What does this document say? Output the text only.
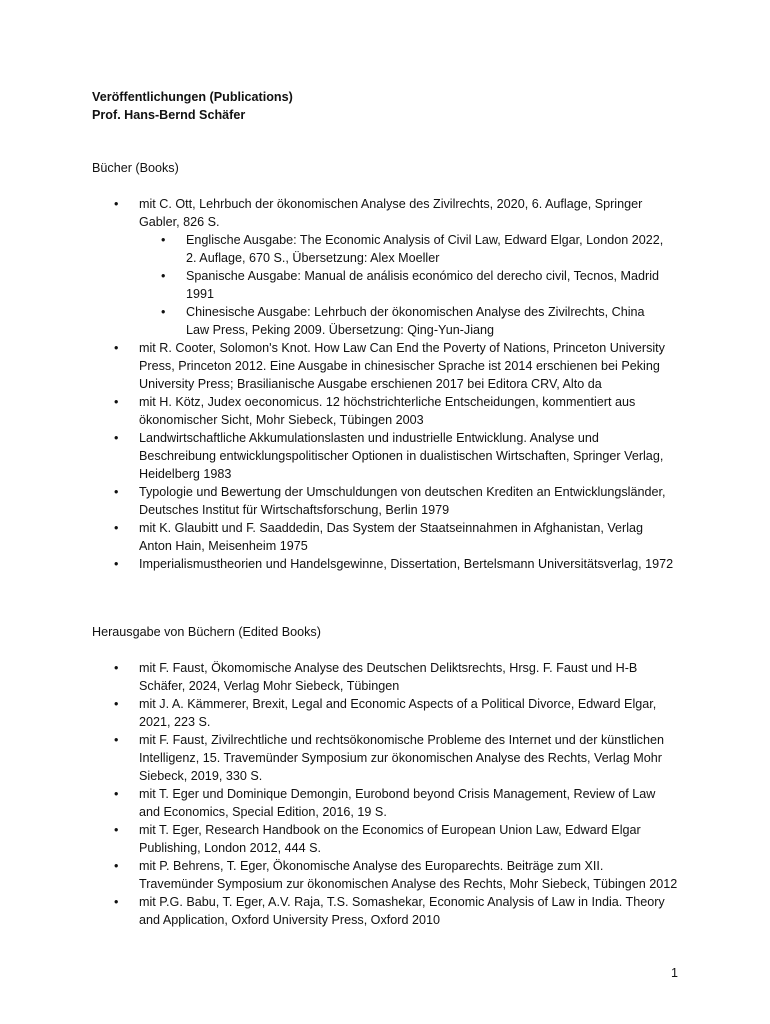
Veröffentlichungen (Publications)
Prof. Hans-Bernd Schäfer
Bücher (Books)
• mit C. Ott, Lehrbuch der ökonomischen Analyse des Zivilrechts, 2020, 6. Auflage, Springer Gabler, 826 S.
• Englische Ausgabe: The Economic Analysis of Civil Law, Edward Elgar, London 2022, 2. Auflage, 670 S., Übersetzung: Alex Moeller
• Spanische Ausgabe: Manual de análisis económico del derecho civil, Tecnos, Madrid 1991
• Chinesische Ausgabe: Lehrbuch der ökonomischen Analyse des Zivilrechts, China Law Press, Peking 2009. Übersetzung: Qing-Yun-Jiang
• mit R. Cooter, Solomon's Knot. How Law Can End the Poverty of Nations, Princeton University Press, Princeton 2012. Eine Ausgabe in chinesischer Sprache ist 2014 erschienen bei Peking University Press; Brasilianische Ausgabe erschienen 2017 bei Editora CRV, Alto da
• mit H. Kötz, Judex oeconomicus. 12 höchstrichterliche Entscheidungen, kommentiert aus ökonomischer Sicht, Mohr Siebeck, Tübingen 2003
• Landwirtschaftliche Akkumulationslasten und industrielle Entwicklung. Analyse und Beschreibung entwicklungspolitischer Optionen in dualistischen Wirtschaften, Springer Verlag, Heidelberg 1983
• Typologie und Bewertung der Umschuldungen von deutschen Krediten an Entwicklungsländer, Deutsches Institut für Wirtschaftsforschung, Berlin 1979
• mit K. Glaubitt und F. Saaddedin, Das System der Staatseinnahmen in Afghanistan, Verlag Anton Hain, Meisenheim 1975
• Imperialismustheorien und Handelsgewinne, Dissertation, Bertelsmann Universitätsverlag, 1972
Herausgabe von Büchern (Edited Books)
• mit F. Faust, Ökomomische Analyse des Deutschen Deliktsrechts, Hrsg. F. Faust und H-B Schäfer, 2024, Verlag Mohr Siebeck, Tübingen
• mit J. A. Kämmerer, Brexit, Legal and Economic Aspects of a Political Divorce, Edward Elgar, 2021, 223 S.
• mit F. Faust, Zivilrechtliche und rechtsökonomische Probleme des Internet und der künstlichen Intelligenz, 15. Travemünder Symposium zur ökonomischen Analyse des Rechts, Verlag Mohr Siebeck, 2019, 330 S.
• mit T. Eger und Dominique Demongin, Eurobond beyond Crisis Management, Review of Law and Economics, Special Edition, 2016, 19 S.
• mit T. Eger, Research Handbook on the Economics of European Union Law, Edward Elgar Publishing, London 2012, 444 S.
• mit P. Behrens, T. Eger, Ökonomische Analyse des Europarechts. Beiträge zum XII. Travemünder Symposium zur ökonomischen Analyse des Rechts, Mohr Siebeck, Tübingen 2012
• mit P.G. Babu, T. Eger, A.V. Raja, T.S. Somashekar, Economic Analysis of Law in India. Theory and Application, Oxford University Press, Oxford 2010
1
